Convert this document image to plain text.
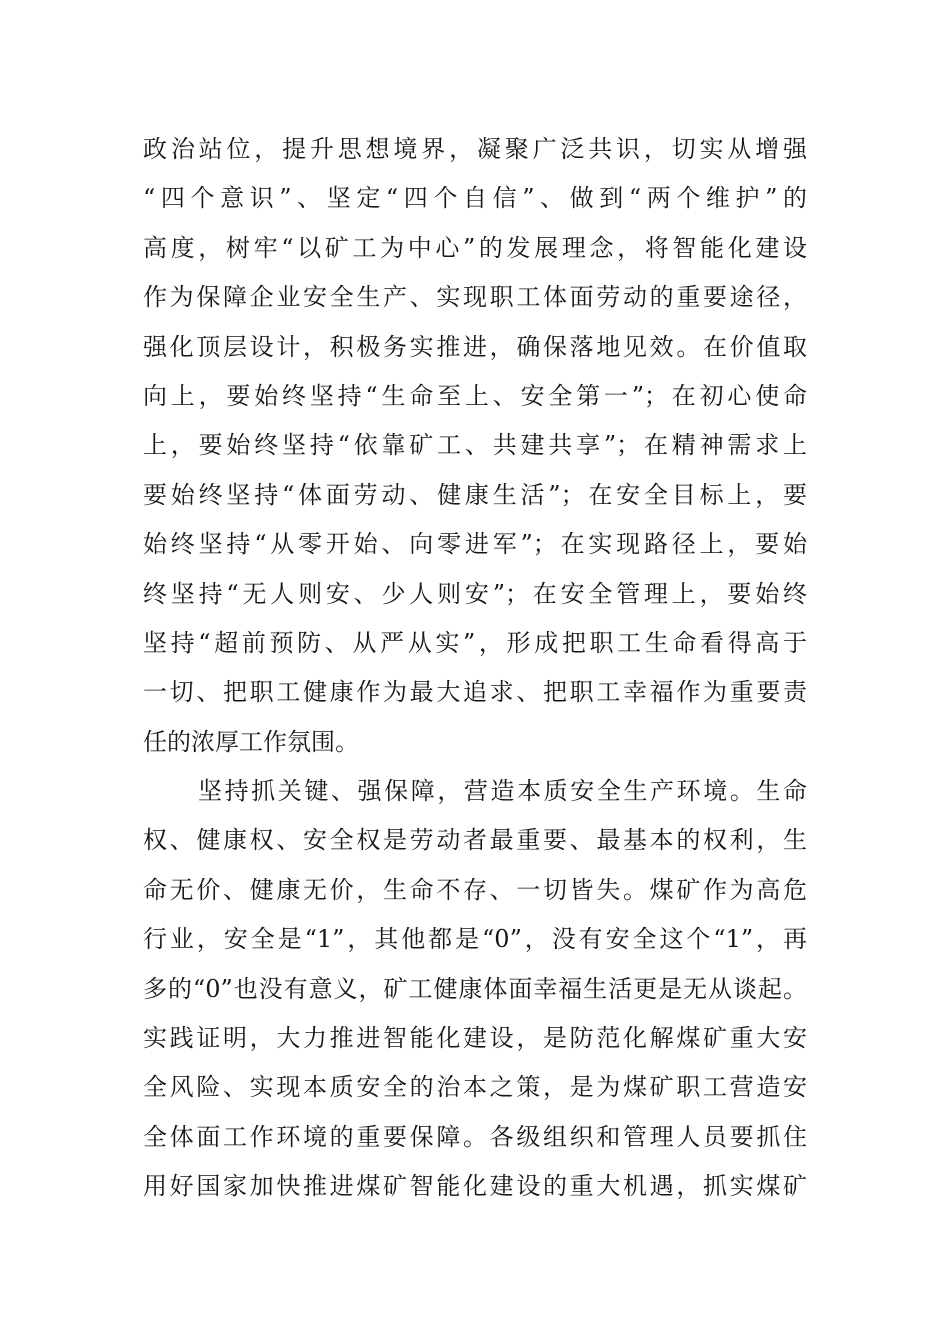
政治站位，提升思想境界，凝聚广泛共识，切实从增强
“四个意识”、坚定“四个自信”、做到“两个维护”的
高度，树牢“以矿工为中心”的发展理念，将智能化建设
作为保障企业安全生产、实现职工体面劳动的重要途径，
强化顶层设计，积极务实推进，确保落地见效。在价值取
向上，要始终坚持“生命至上、安全第一”；在初心使命
上，要始终坚持“依靠矿工、共建共享”；在精神需求上
要始终坚持“体面劳动、健康生活”；在安全目标上，要
始终坚持“从零开始、向零进军”；在实现路径上，要始
终坚持“无人则安、少人则安”；在安全管理上，要始终
坚持“超前预防、从严从实”，形成把职工生命看得高于
一切、把职工健康作为最大追求、把职工幸福作为重要责
任的浓厚工作氛围。
坚持抓关键、强保障，营造本质安全生产环境。生命
权、健康权、安全权是劳动者最重要、最基本的权利，生
命无价、健康无价，生命不存、一切皆失。煤矿作为高危
行业，安全是“1”，其他都是“0”，没有安全这个“1”，再
多的“0”也没有意义，矿工健康体面幸福生活更是无从谈起。
实践证明，大力推进智能化建设，是防范化解煤矿重大安
全风险、实现本质安全的治本之策，是为煤矿职工营造安
全体面工作环境的重要保障。各级组织和管理人员要抓住
用好国家加快推进煤矿智能化建设的重大机遇，抓实煤矿
